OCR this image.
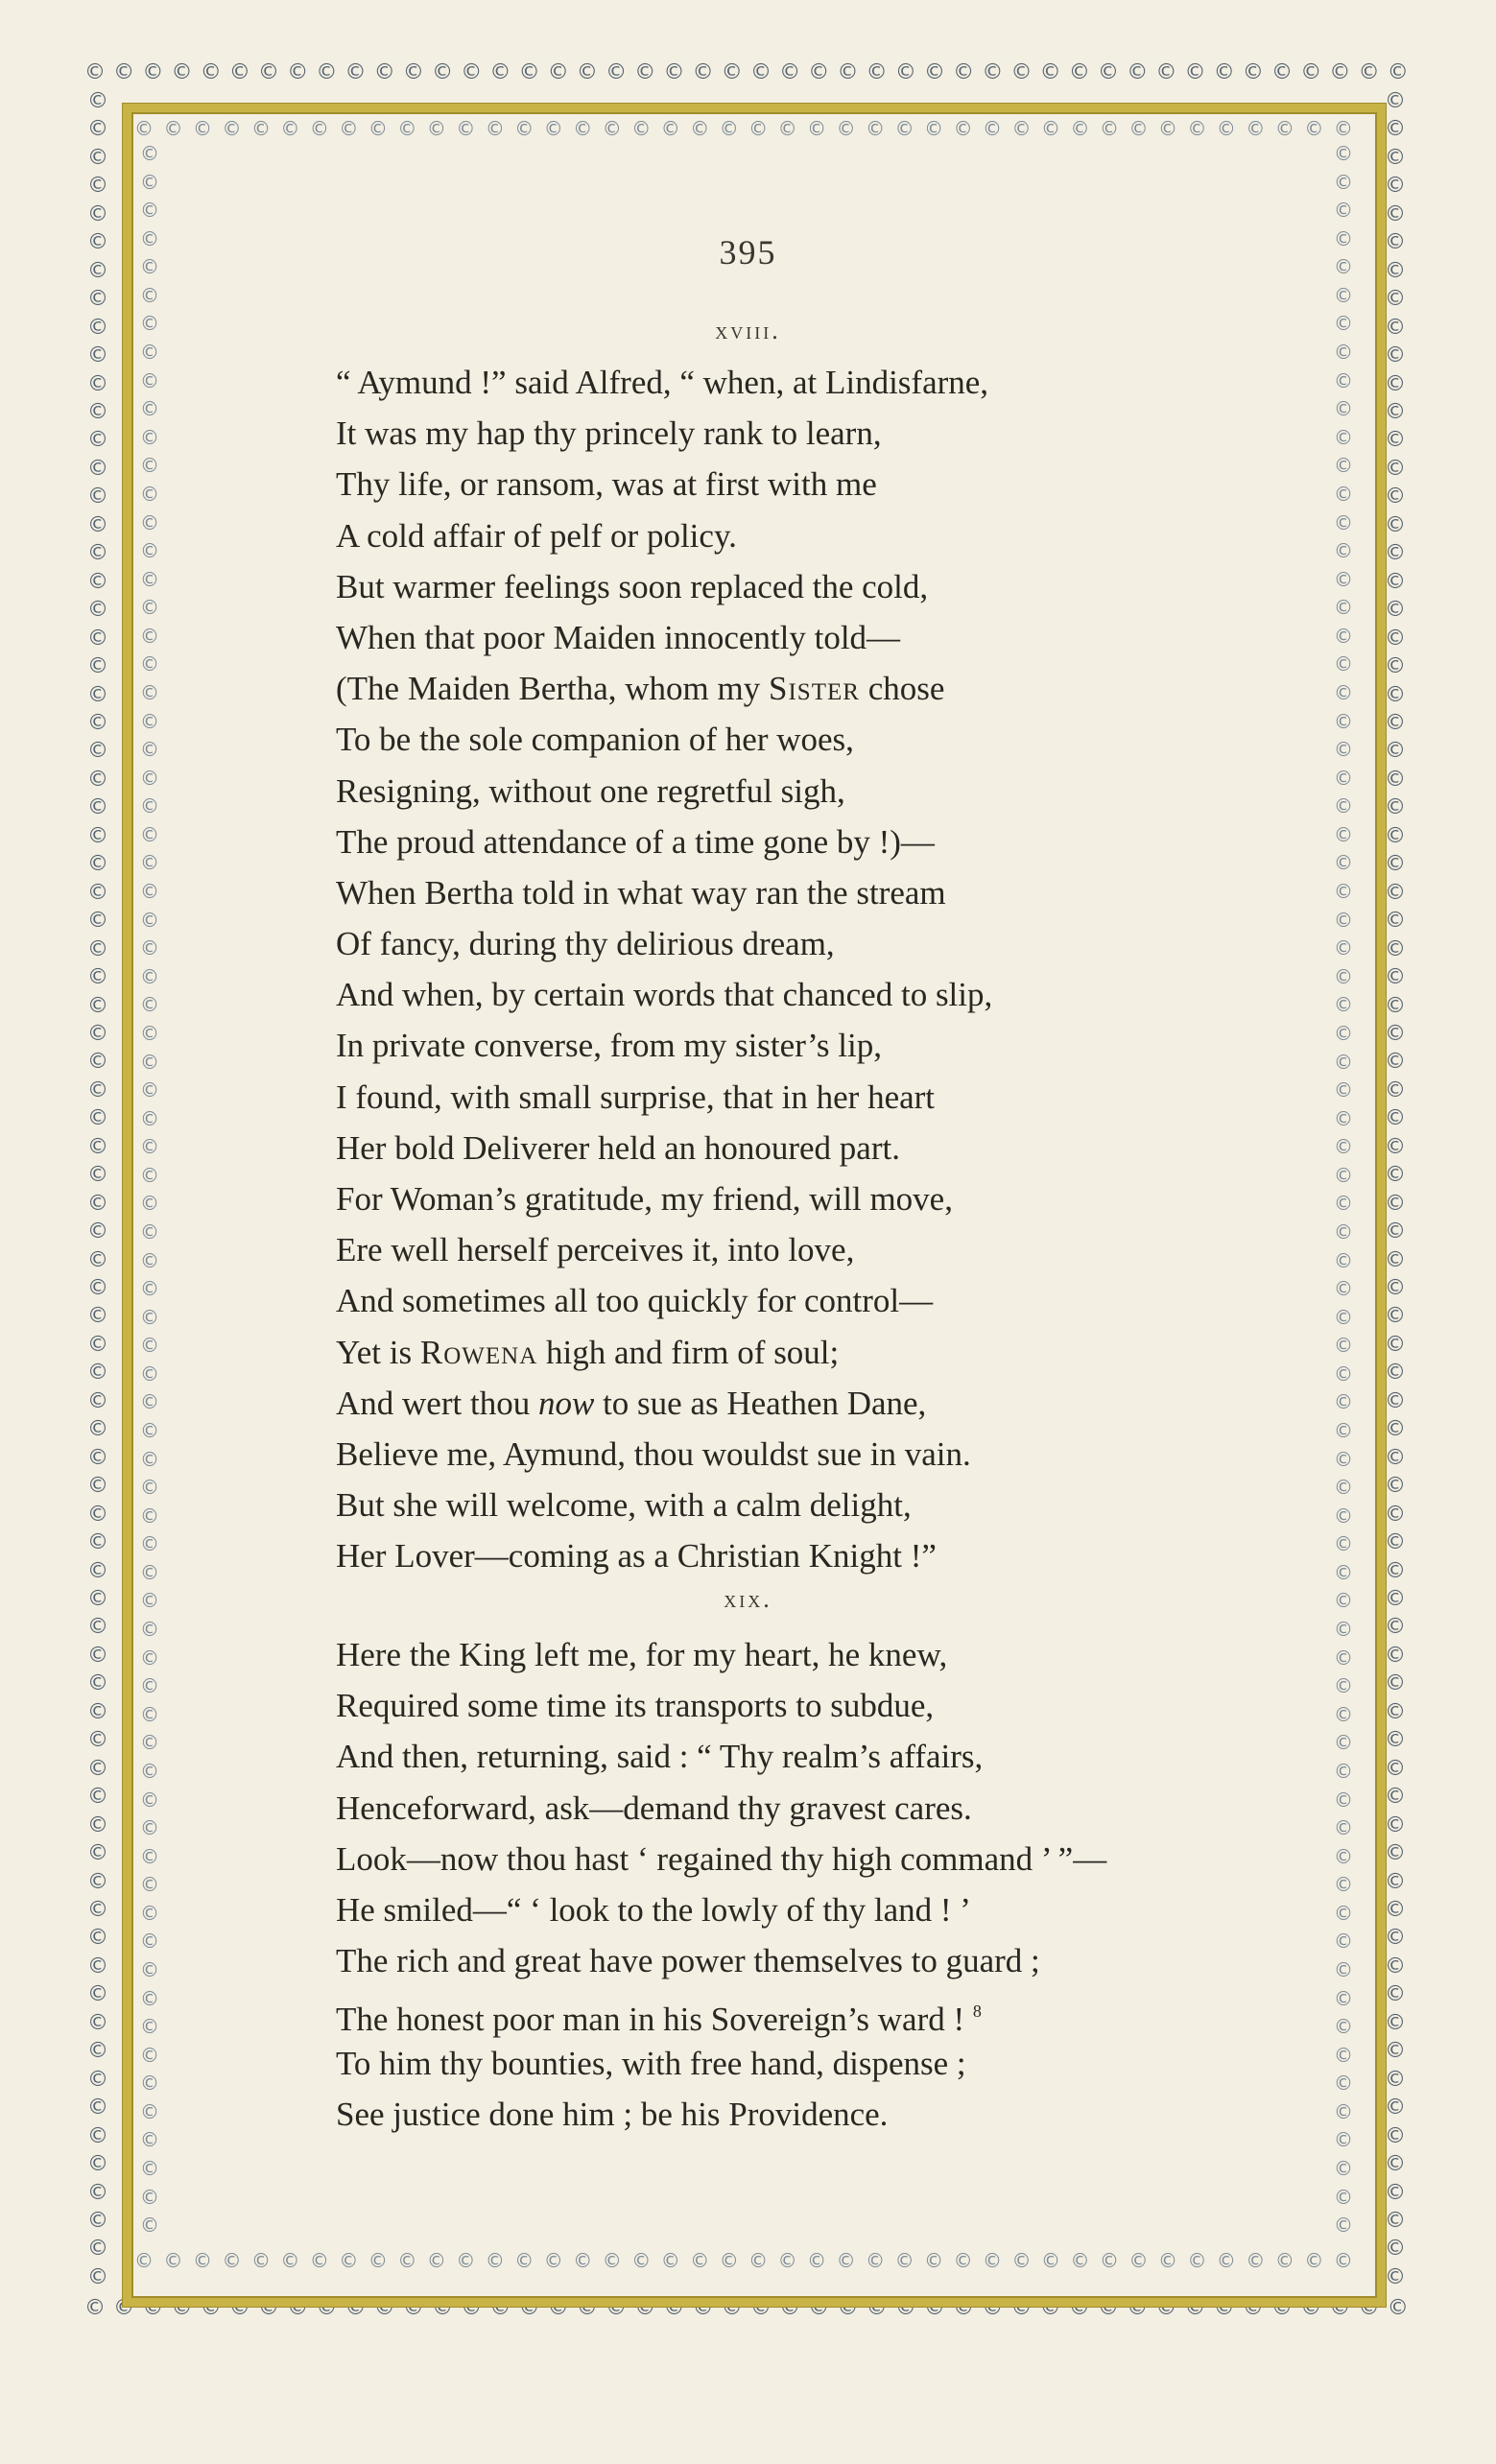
© © © © © © © © © © © © © © © © © © © © © © © © © © © © © © © © © © © © © © © © © © © © © ©
© © © © © © © © © © © © © © © © © © © © © © © © © © © © © © © © © © © © © © © © © ©
© © © © © © © © © © © © © © © © © © © © © © © © © © © © © © © © © © © © © © © © © © © © © ©
© © © © © © © © © © © © © © © © © © © © © © © © © © © © © © © © © © © © © © © © © ©
©
©
©
©
©
©
©
©
©
©
©
©
©
©
©
©
©
©
©
©
©
©
©
©
©
©
©
©
©
©
©
©
©
©
©
©
©
©
©
©
©
©
©
©
©
©
©
©
©
©
©
©
©
©
©
©
©
©
©
©
©
©
©
©
©
©
©
©
©
©
©
©
©
©
©
©
©
©
©
©
©
©
©
©
©
©
©
©
©
©
©
©
©
©
©
©
©
©
©
©
©
©
©
©
©
©
©
©
©
©
©
©
©
©
©
©
©
©
©
©
©
©
©
©
©
©
©
©
©
©
©
©
©
©
©
©
©
©
©
©
©
©
©
©
©
©
©
©
©
©
©
©
©
©
©
©
©
©
©
©
©
©
©
©
©
©
©
©
©
©
©
©
©
©
©
©
©
©
©
©
©
©
©
©
©
©
©
©
©
©
©
©
©
©
©
©
©
©
©
©
©
©
©
©
©
©
©
©
©
©
©
©
©
©
©
©
©
©
©
©
©
©
©
©
©
©
©
©
©
©
©
©
©
©
©
©
©
©
©
©
©
©
©
©
©
©
©
©
©
©
©
©
©
©
©
©
©
©
©
©
©
©
©
©
©
©
©
©
©
©
©
©
©
©
©
©
©
©
©
©
©
©
©
©
©
©
©
©
©
©
©
©
©
©
©
©
©
©
©
©
©
©
©
©
395
xviii.
“ Aymund !” said Alfred, “ when, at Lindisfarne,
It was my hap thy princely rank to learn,
Thy life, or ransom, was at first with me
A cold affair of pelf or policy.
But warmer feelings soon replaced the cold,
When that poor Maiden innocently told—
(The Maiden Bertha, whom my Sister chose
To be the sole companion of her woes,
Resigning, without one regretful sigh,
The proud attendance of a time gone by !)—
When Bertha told in what way ran the stream
Of fancy, during thy delirious dream,
And when, by certain words that chanced to slip,
In private converse, from my sister’s lip,
I found, with small surprise, that in her heart
Her bold Deliverer held an honoured part.
For Woman’s gratitude, my friend, will move,
Ere well herself perceives it, into love,
And sometimes all too quickly for control—
Yet is Rowena high and firm of soul;
And wert thou now to sue as Heathen Dane,
Believe me, Aymund, thou wouldst sue in vain.
But she will welcome, with a calm delight,
Her Lover—coming as a Christian Knight !”
xix.
Here the King left me, for my heart, he knew,
Required some time its transports to subdue,
And then, returning, said : “ Thy realm’s affairs,
Henceforward, ask—demand thy gravest cares.
Look—now thou hast ‘ regained thy high command ’ ”—
He smiled—“ ‘ look to the lowly of thy land ! ’
The rich and great have power themselves to guard ;
The honest poor man in his Sovereign’s ward ! $^8$
To him thy bounties, with free hand, dispense ;
See justice done him ; be his Providence.
